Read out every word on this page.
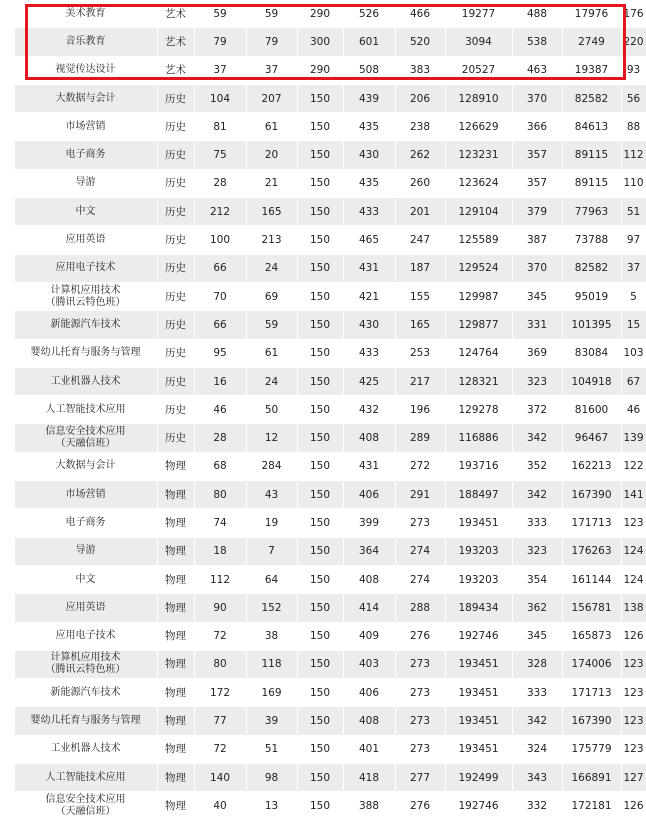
	美术教育	艺术	59	59	290	526	466	19277	488	17976	176	

	音乐教育	艺术	79	79	300	601	520	3094	538	2749	220	

	视觉传达设计	艺术	37	37	290	508	383	20527	463	19387	93	

	大数据与会计	历史	104	207	150	439	206	128910	370	82582	56	

	市场营销	历史	81	61	150	435	238	126629	366	84613	88	

	电子商务	历史	75	20	150	430	262	123231	357	89115	112	

	导游	历史	28	21	150	435	260	123624	357	89115	110	

	中文	历史	212	165	150	433	201	129104	379	77963	51	

	应用英语	历史	100	213	150	465	247	125589	387	73788	97	

	应用电子技术	历史	66	24	150	431	187	129524	370	82582	37	

	计算机应用技术
（腾讯云特色班）	历史	70	69	150	421	155	129987	345	95019	5	

	新能源汽车技术	历史	66	59	150	430	165	129877	331	101395	15	

	婴幼儿托育与服务与管理	历史	95	61	150	433	253	124764	369	83084	103	

	工业机器人技术	历史	16	24	150	425	217	128321	323	104918	67	

	人工智能技术应用	历史	46	50	150	432	196	129278	372	81600	46	

	信息安全技术应用
（天融信班）	历史	28	12	150	408	289	116886	342	96467	139	

	大数据与会计	物理	68	284	150	431	272	193716	352	162213	122	

	市场营销	物理	80	43	150	406	291	188497	342	167390	141	

	电子商务	物理	74	19	150	399	273	193451	333	171713	123	

	导游	物理	18	7	150	364	274	193203	323	176263	124	

	中文	物理	112	64	150	408	274	193203	354	161144	124	

	应用英语	物理	90	152	150	414	288	189434	362	156781	138	

	应用电子技术	物理	72	38	150	409	276	192746	345	165873	126	

	计算机应用技术
（腾讯云特色班）	物理	80	118	150	403	273	193451	328	174006	123	

	新能源汽车技术	物理	172	169	150	406	273	193451	333	171713	123	

	婴幼儿托育与服务与管理	物理	77	39	150	408	273	193451	342	167390	123	

	工业机器人技术	物理	72	51	150	401	273	193451	324	175779	123	

	人工智能技术应用	物理	140	98	150	418	277	192499	343	166891	127	

	信息安全技术应用
（天融信班）	物理	40	13	150	388	276	192746	332	172181	126	
